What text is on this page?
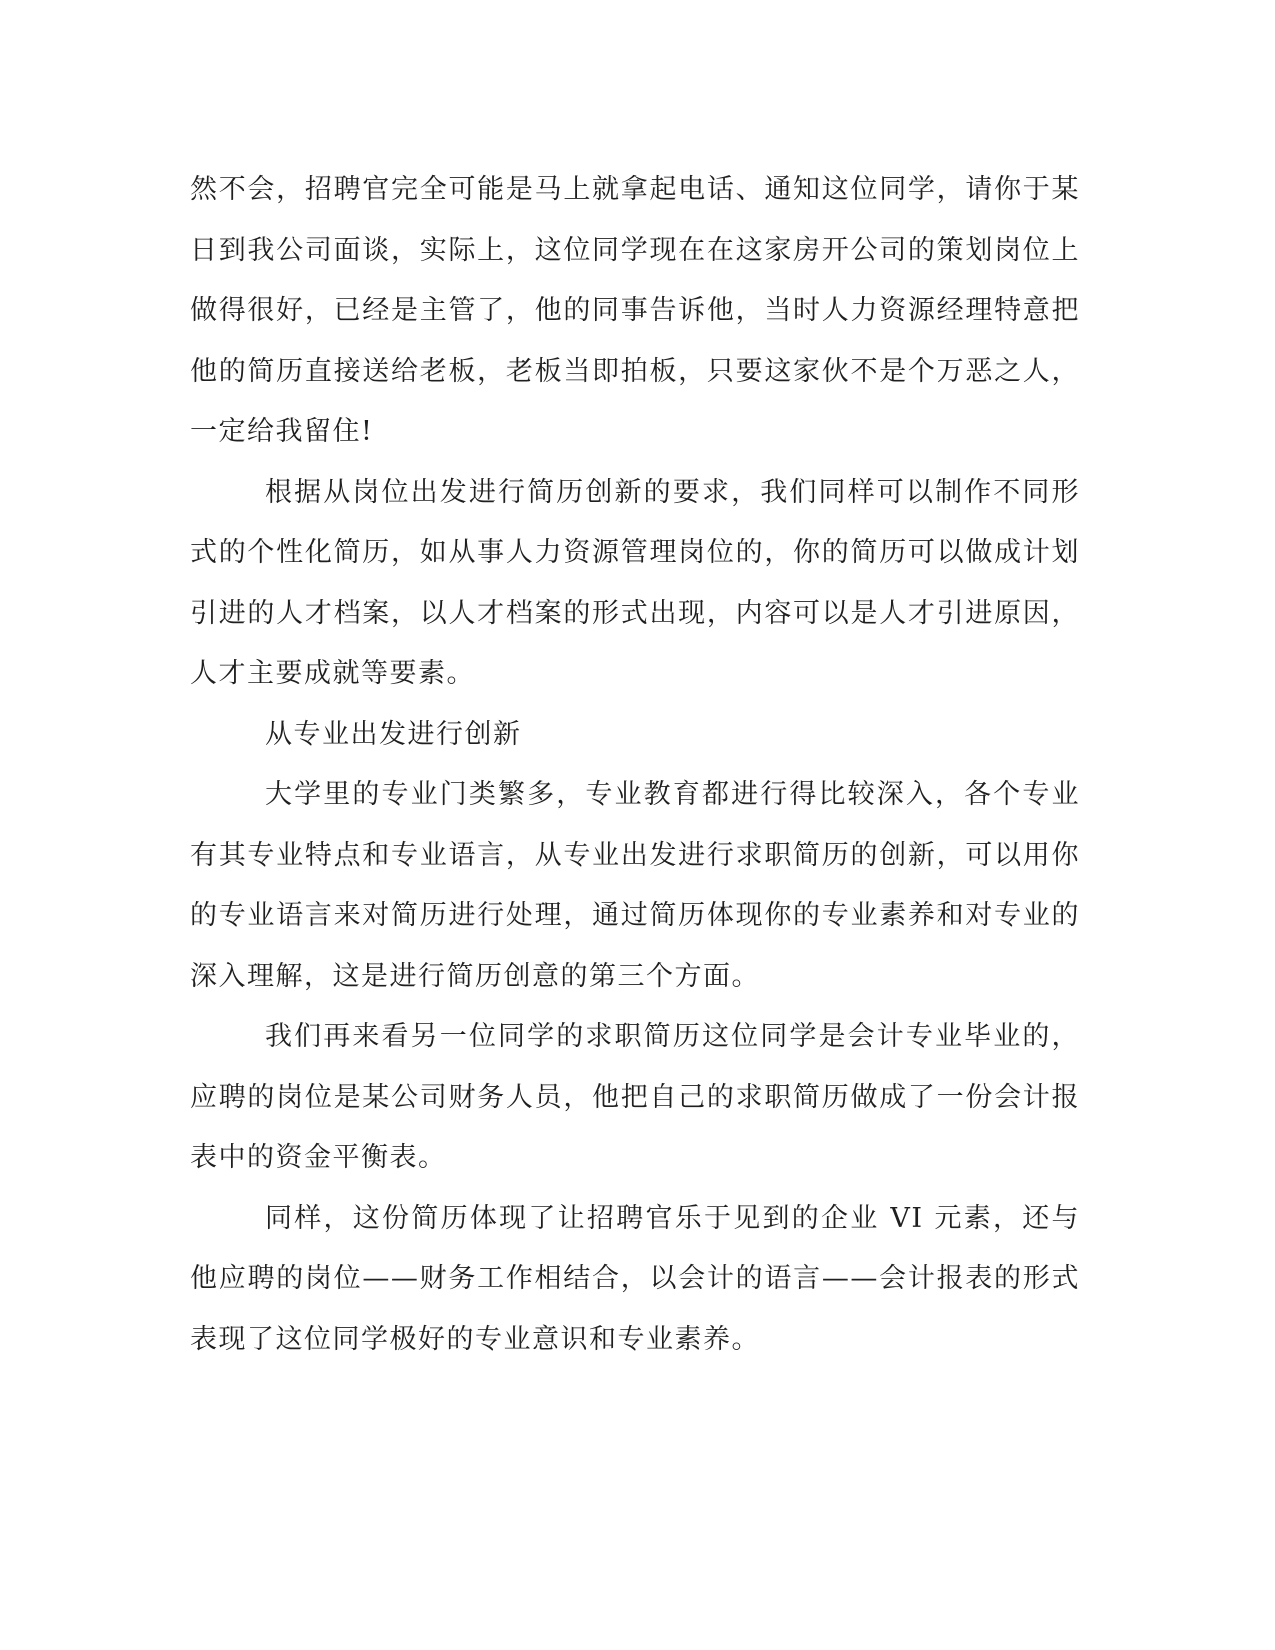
然不会，招聘官完全可能是马上就拿起电话、通知这位同学，请你于某日到我公司面谈，实际上，这位同学现在在这家房开公司的策划岗位上做得很好，已经是主管了，他的同事告诉他，当时人力资源经理特意把他的简历直接送给老板，老板当即拍板，只要这家伙不是个万恶之人，一定给我留住!

根据从岗位出发进行简历创新的要求，我们同样可以制作不同形式的个性化简历，如从事人力资源管理岗位的，你的简历可以做成计划引进的人才档案，以人才档案的形式出现，内容可以是人才引进原因，人才主要成就等要素。

从专业出发进行创新

大学里的专业门类繁多，专业教育都进行得比较深入，各个专业有其专业特点和专业语言，从专业出发进行求职简历的创新，可以用你的专业语言来对简历进行处理，通过简历体现你的专业素养和对专业的深入理解，这是进行简历创意的第三个方面。

我们再来看另一位同学的求职简历这位同学是会计专业毕业的，应聘的岗位是某公司财务人员，他把自己的求职简历做成了一份会计报表中的资金平衡表。

同样，这份简历体现了让招聘官乐于见到的企业 VI 元素，还与他应聘的岗位——财务工作相结合，以会计的语言——会计报表的形式表现了这位同学极好的专业意识和专业素养。
